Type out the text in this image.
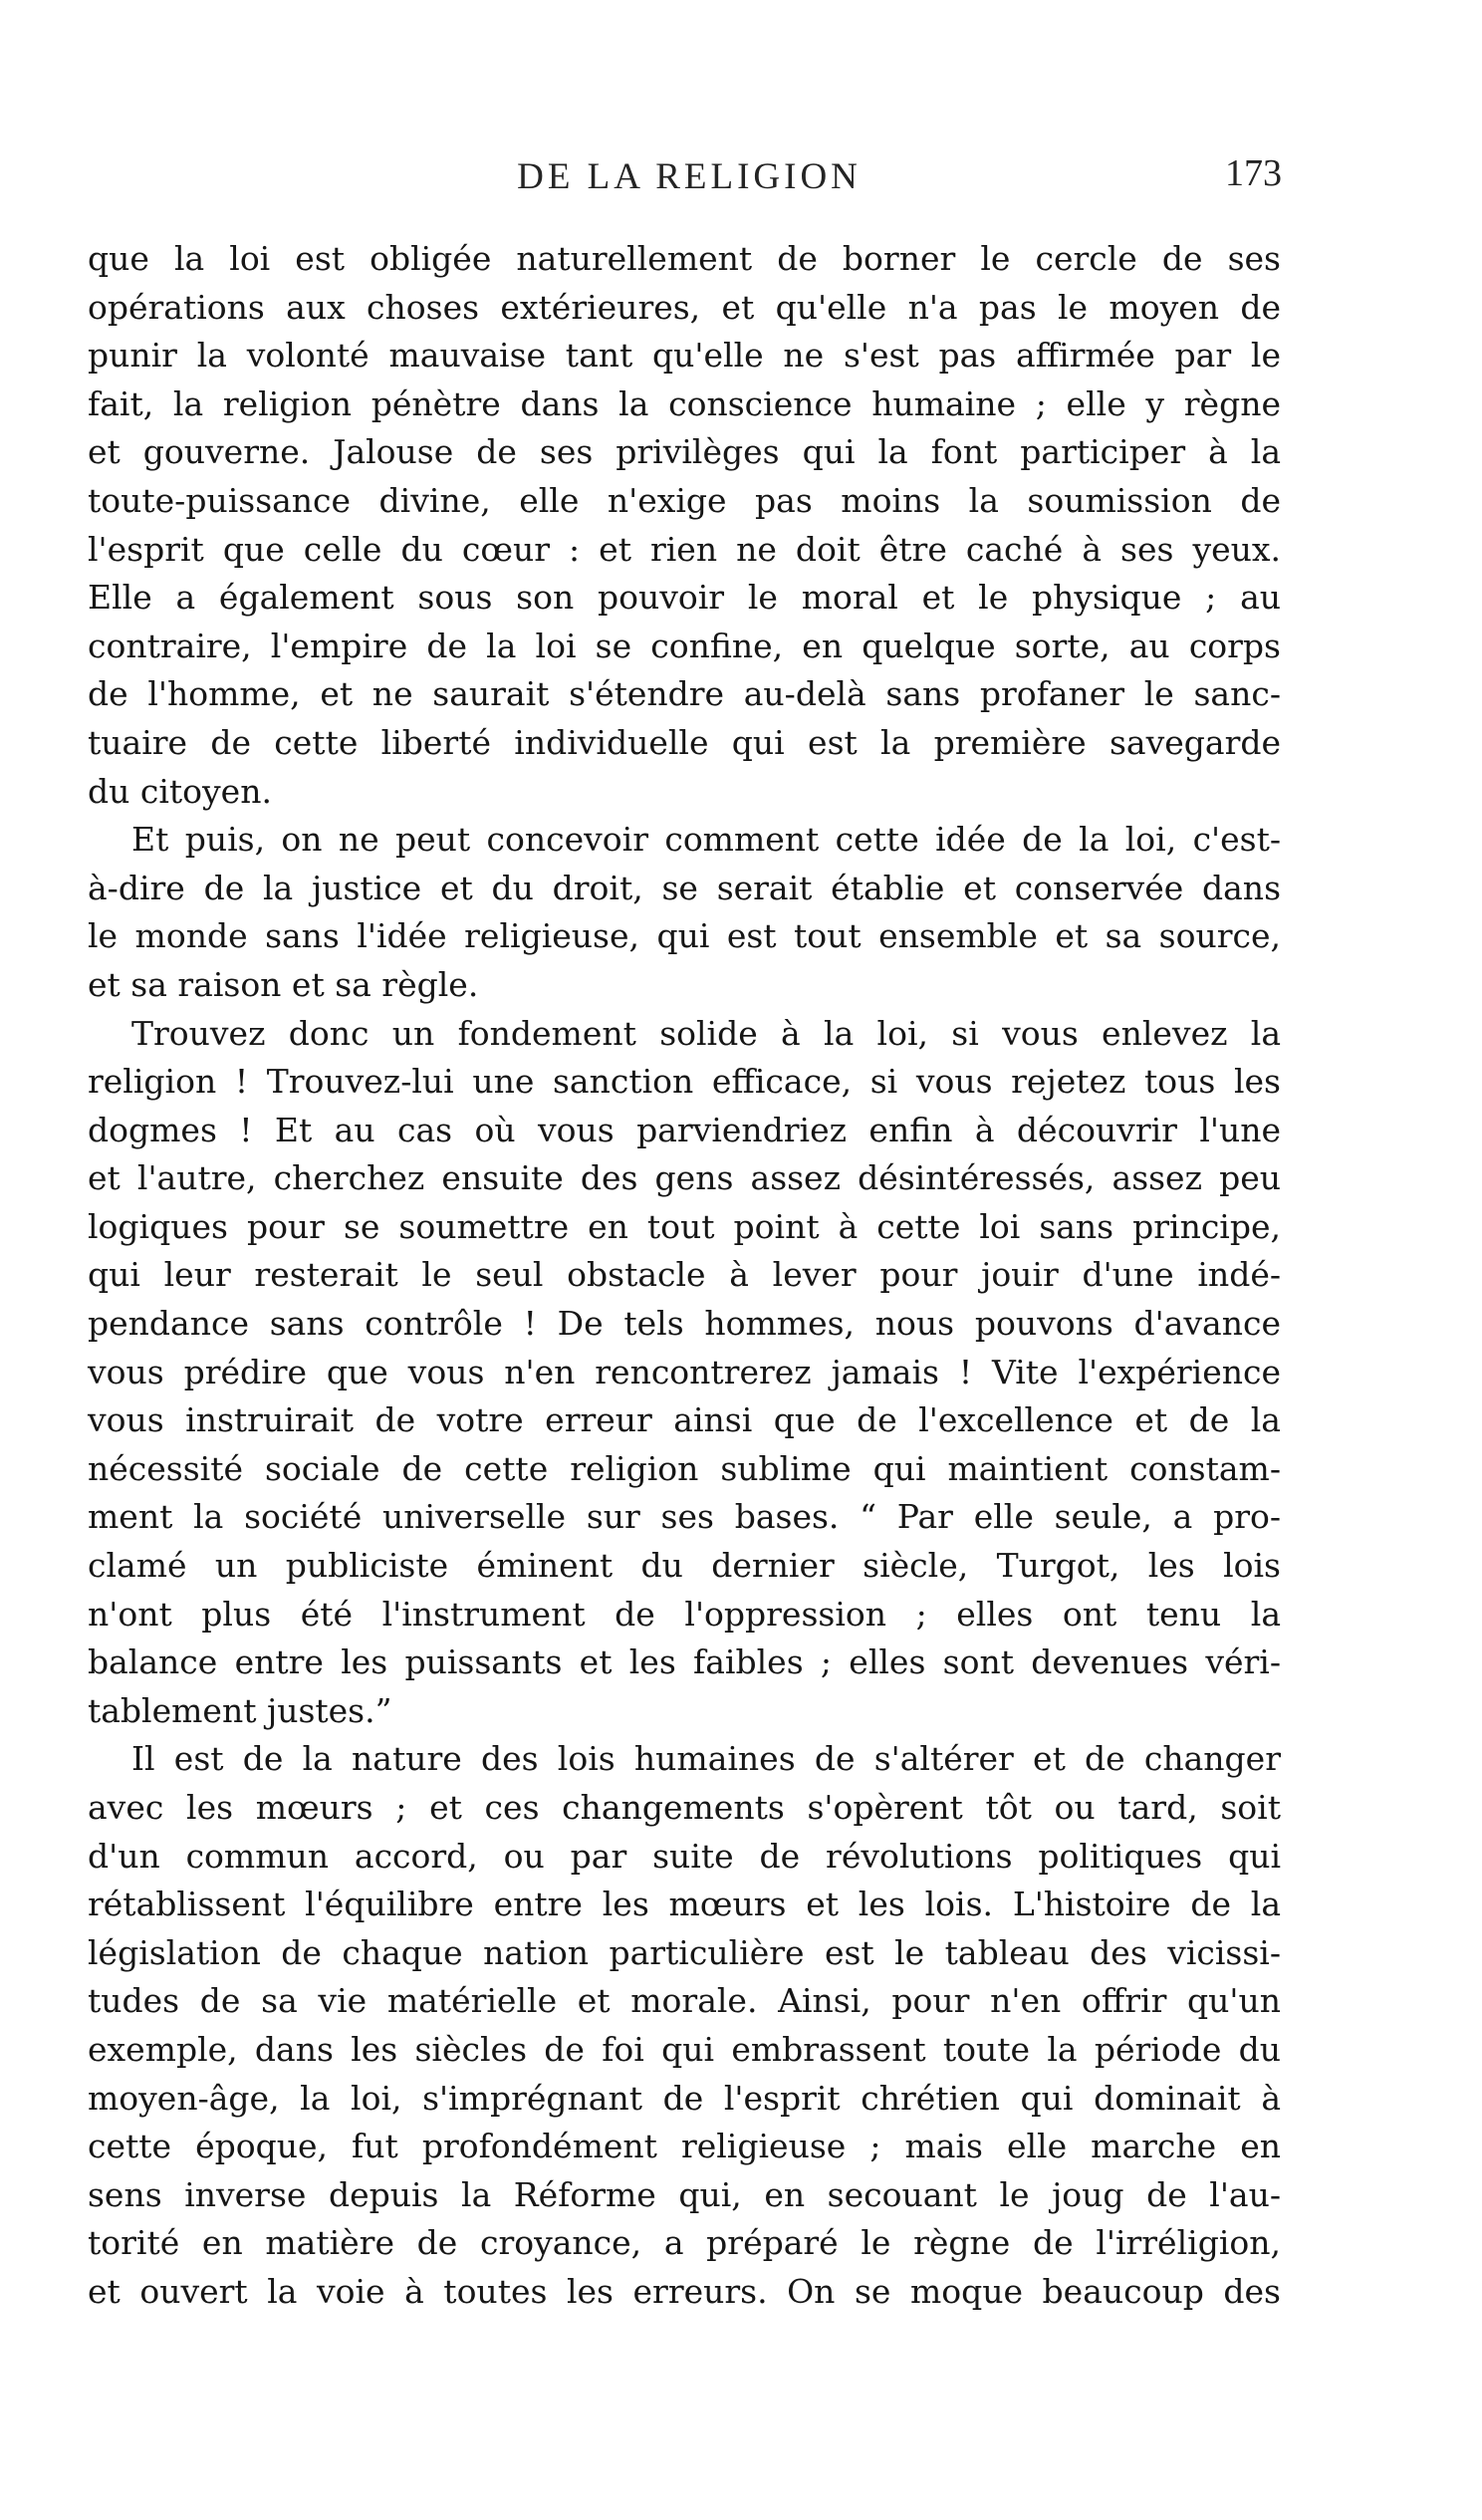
DE LA RELIGION	173
que la loi est obligée naturellement de borner le cercle de ses
opérations aux choses extérieures, et qu'elle n'a pas le moyen de
punir la volonté mauvaise tant qu'elle ne s'est pas affirmée par le
fait, la religion pénètre dans la conscience humaine ; elle y règne
et gouverne. Jalouse de ses privilèges qui la font participer à la
toute-puissance divine, elle n'exige pas moins la soumission de
l'esprit que celle du cœur : et rien ne doit être caché à ses yeux.
Elle a également sous son pouvoir le moral et le physique ; au
contraire, l'empire de la loi se confine, en quelque sorte, au corps
de l'homme, et ne saurait s'étendre au-delà sans profaner le sanc-
tuaire de cette liberté individuelle qui est la première savegarde
du citoyen.
Et puis, on ne peut concevoir comment cette idée de la loi, c'est-
à-dire de la justice et du droit, se serait établie et conservée dans
le monde sans l'idée religieuse, qui est tout ensemble et sa source,
et sa raison et sa règle.
Trouvez donc un fondement solide à la loi, si vous enlevez la
religion ! Trouvez-lui une sanction efficace, si vous rejetez tous les
dogmes ! Et au cas où vous parviendriez enfin à découvrir l'une
et l'autre, cherchez ensuite des gens assez désintéressés, assez peu
logiques pour se soumettre en tout point à cette loi sans principe,
qui leur resterait le seul obstacle à lever pour jouir d'une indé-
pendance sans contrôle ! De tels hommes, nous pouvons d'avance
vous prédire que vous n'en rencontrerez jamais ! Vite l'expérience
vous instruirait de votre erreur ainsi que de l'excellence et de la
nécessité sociale de cette religion sublime qui maintient constam-
ment la société universelle sur ses bases. “ Par elle seule, a pro-
clamé un publiciste éminent du dernier siècle, Turgot, les lois
n'ont plus été l'instrument de l'oppression ; elles ont tenu la
balance entre les puissants et les faibles ; elles sont devenues véri-
tablement justes.”
Il est de la nature des lois humaines de s'altérer et de changer
avec les mœurs ; et ces changements s'opèrent tôt ou tard, soit
d'un commun accord, ou par suite de révolutions politiques qui
rétablissent l'équilibre entre les mœurs et les lois. L'histoire de la
législation de chaque nation particulière est le tableau des vicissi-
tudes de sa vie matérielle et morale. Ainsi, pour n'en offrir qu'un
exemple, dans les siècles de foi qui embrassent toute la période du
moyen-âge, la loi, s'imprégnant de l'esprit chrétien qui dominait à
cette époque, fut profondément religieuse ; mais elle marche en
sens inverse depuis la Réforme qui, en secouant le joug de l'au-
torité en matière de croyance, a préparé le règne de l'irréligion,
et ouvert la voie à toutes les erreurs. On se moque beaucoup des
